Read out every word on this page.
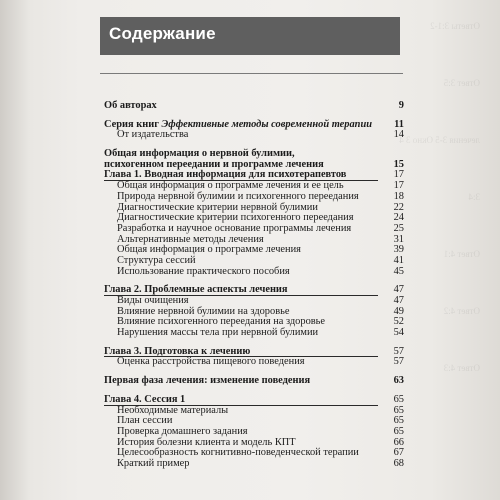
Ответы 3:1-2
Ответ 3:5
лечения 3-5 Окно 3 4
3:4
Ответ 4:1
Ответ 4:2
Ответ 4:3
Содержание
Об авторах	9
Серия книг Эффективные методы современной терапии 11
От издательства	14
Общая информация о нервной булимии,
психогенном переедании и программе лечения	15
Глава 1. Вводная информация для психотерапевтов	17
Общая информация о программе лечения и ее цель	17
Природа нервной булимии и психогенного переедания	18
Диагностические критерии нервной булимии	22
Диагностические критерии психогенного переедания	24
Разработка и научное основание программы лечения	25
Альтернативные методы лечения	31
Общая информация о программе лечения	39
Структура сессий	41
Использование практического пособия	45
Глава 2. Проблемные аспекты лечения	47
Виды очищения	47
Влияние нервной булимии на здоровье	49
Влияние психогенного переедания на здоровье	52
Нарушения массы тела при нервной булимии	54
Глава 3. Подготовка к лечению	57
Оценка расстройства пищевого поведения	57
Первая фаза лечения: изменение поведения	63
Глава 4. Сессия 1	65
Необходимые материалы	65
План сессии	65
Проверка домашнего задания	65
История болезни клиента и модель КПТ	66
Целесообразность когнитивно-поведенческой терапии	67
Краткий пример	68
